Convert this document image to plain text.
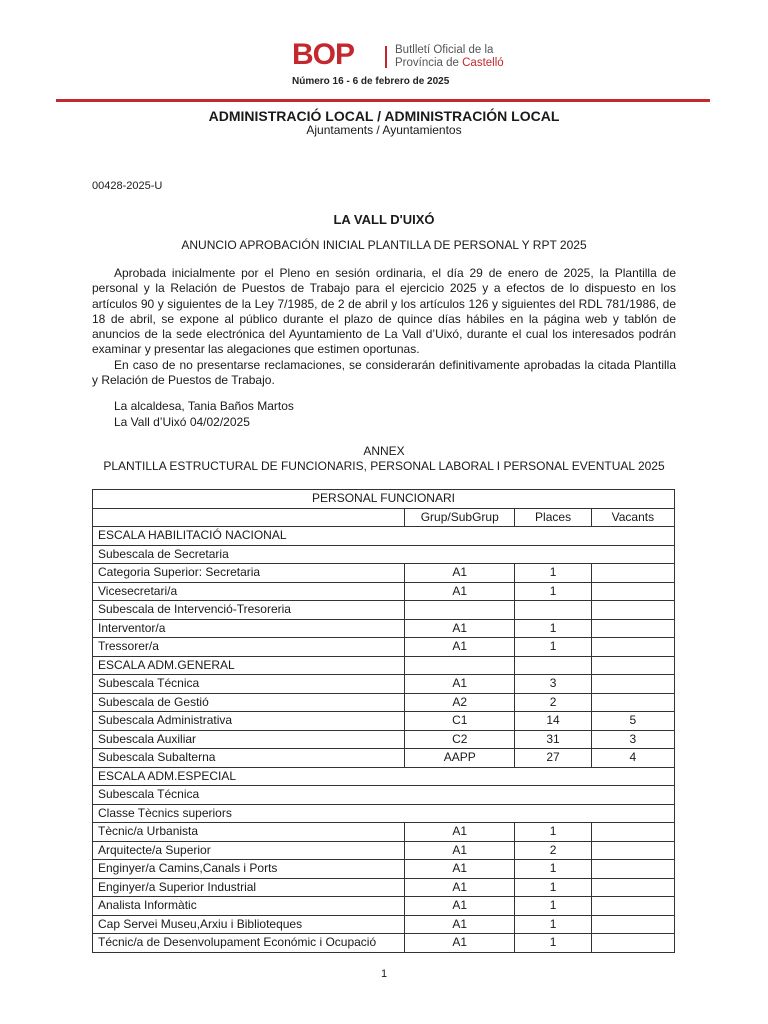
BOP	Butlletí Oficial de la
Província de Castelló
Número 16 - 6 de febrero de 2025
ADMINISTRACIÓ LOCAL / ADMINISTRACIÓN LOCAL
Ajuntaments / Ayuntamientos
00428-2025-U
LA VALL D'UIXÓ
ANUNCIO APROBACIÓN INICIAL PLANTILLA DE PERSONAL Y RPT 2025

Aprobada inicialmente por el Pleno en sesión ordinaria, el día 29 de enero de 2025, la Plantilla de personal y la Relación de Puestos de Trabajo para el ejercicio 2025 y a efectos de lo dispuesto en los artículos 90 y siguientes de la Ley 7/1985, de 2 de abril y los artículos 126 y siguientes del RDL 781/1986, de 18 de abril, se expone al público durante el plazo de quince días hábiles en la página web y tablón de anuncios de la sede electrónica del Ayuntamiento de La Vall d’Uixó, durante el cual los interesados podrán examinar y presentar las alegaciones que estimen oportunas.

En caso de no presentarse reclamaciones, se considerarán definitivamente aprobadas la citada Plantilla y Relación de Puestos de Trabajo.

La alcaldesa, Tania Baños Martos
La Vall d’Uixó 04/02/2025
ANNEX
PLANTILLA ESTRUCTURAL DE FUNCIONARIS, PERSONAL LABORAL I PERSONAL EVENTUAL 2025
PERSONAL FUNCIONARI			
	Grup/SubGrup	Places	Vacants
ESCALA HABILITACIÓ NACIONAL			
Subescala de Secretaria			
Categoria Superior: Secretaria	A1	1	
Vicesecretari/a	A1	1	
Subescala de Intervenció-Tresoreria			
Interventor/a	A1	1	
Tressorer/a	A1	1	
ESCALA ADM.GENERAL			
Subescala Técnica	A1	3	
Subescala de Gestió	A2	2	
Subescala Administrativa	C1	14	5
Subescala Auxiliar	C2	31	3
Subescala Subalterna	AAPP	27	4
ESCALA ADM.ESPECIAL			
Subescala Técnica			
Classe Tècnics superiors			
Tècnic/a Urbanista	A1	1	
Arquitecte/a Superior	A1	2	
Enginyer/a Camins,Canals i Ports	A1	1	
Enginyer/a Superior Industrial	A1	1	
Analista Informàtic	A1	1	
Cap Servei Museu,Arxiu i Biblioteques	A1	1	
Técnic/a de Desenvolupament Económic i Ocupació	A1	1	
1
